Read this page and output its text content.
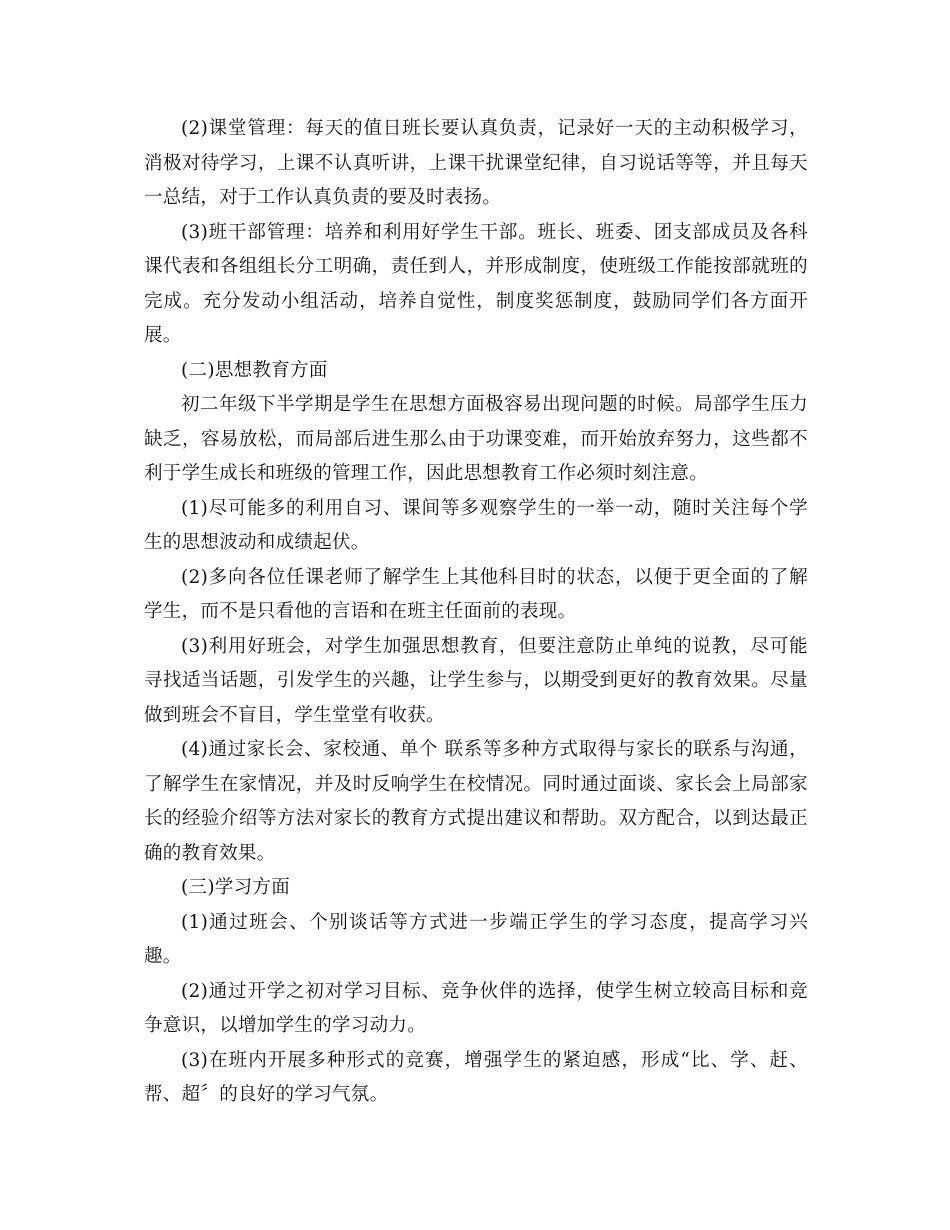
(2)课堂管理：每天的值日班长要认真负责，记录好一天的主动积极学习，消极对待学习，上课不认真听讲，上课干扰课堂纪律，自习说话等等，并且每天一总结，对于工作认真负责的要及时表扬。

(3)班干部管理：培养和利用好学生干部。班长、班委、团支部成员及各科课代表和各组组长分工明确，责任到人，并形成制度，使班级工作能按部就班的完成。充分发动小组活动，培养自觉性，制度奖惩制度，鼓励同学们各方面开展。

(二)思想教育方面

初二年级下半学期是学生在思想方面极容易出现问题的时候。局部学生压力缺乏，容易放松，而局部后进生那么由于功课变难，而开始放弃努力，这些都不利于学生成长和班级的管理工作，因此思想教育工作必须时刻注意。

(1)尽可能多的利用自习、课间等多观察学生的一举一动，随时关注每个学生的思想波动和成绩起伏。

(2)多向各位任课老师了解学生上其他科目时的状态，以便于更全面的了解学生，而不是只看他的言语和在班主任面前的表现。

(3)利用好班会，对学生加强思想教育，但要注意防止单纯的说教，尽可能寻找适当话题，引发学生的兴趣，让学生参与，以期受到更好的教育效果。尽量做到班会不盲目，学生堂堂有收获。

(4)通过家长会、家校通、单个 联系等多种方式取得与家长的联系与沟通，了解学生在家情况，并及时反响学生在校情况。同时通过面谈、家长会上局部家长的经验介绍等方法对家长的教育方式提出建议和帮助。双方配合，以到达最正确的教育效果。

(三)学习方面

(1)通过班会、个别谈话等方式进一步端正学生的学习态度，提高学习兴趣。

(2)通过开学之初对学习目标、竞争伙伴的选择，使学生树立较高目标和竞争意识，以增加学生的学习动力。

(3)在班内开展多种形式的竞赛，增强学生的紧迫感，形成“比、学、赶、帮、超〞的良好的学习气氛。
